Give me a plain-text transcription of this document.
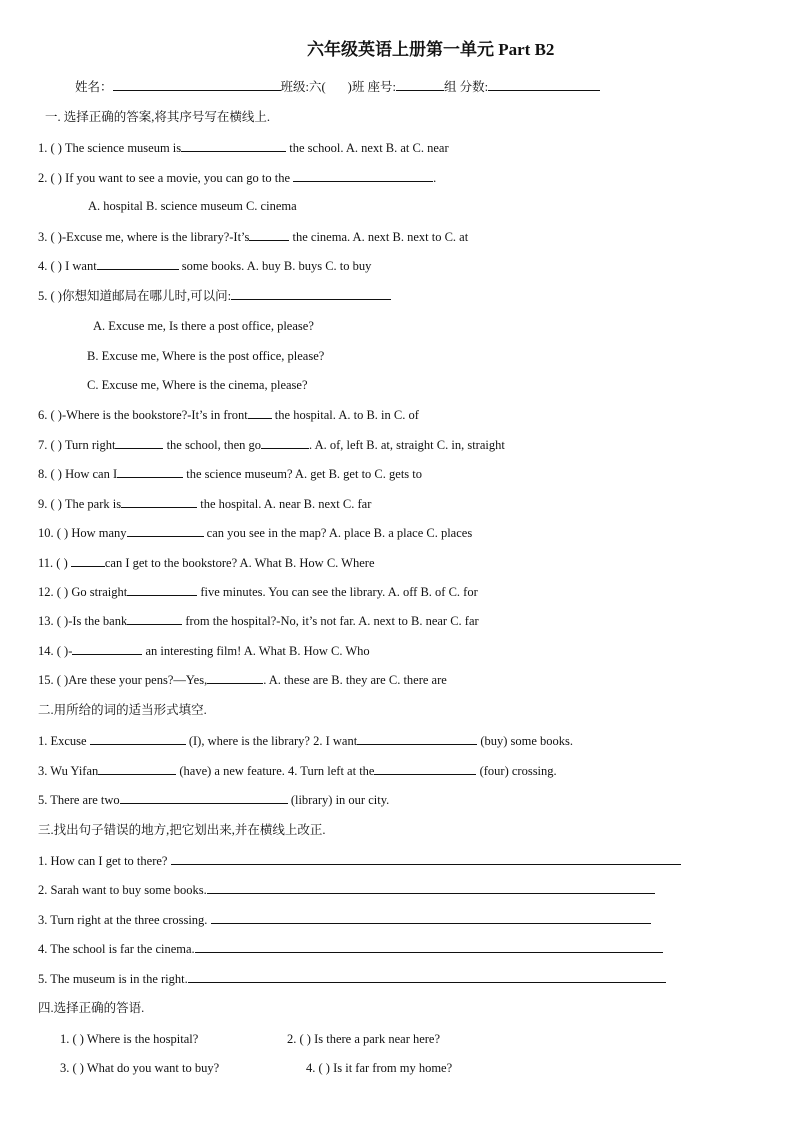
六年级英语上册第一单元 Part B2
姓名：	班级:六( )班 座号:	组 分数:
一. 选择正确的答案,将其序号写在横线上.
1. ( ) The science museum is	the school. A. next B. at C. near
2. ( ) If you want to see a movie, you can go to the	.
A. hospital B. science museum C. cinema
3. ( )-Excuse me, where is the library?-It’s	the cinema. A. next B. next to C. at
4. ( ) I want	some books. A. buy B. buys C. to buy
5. ( )你想知道邮局在哪儿时,可以问:
A. Excuse me, Is there a post office, please?
B. Excuse me, Where is the post office, please?
C. Excuse me, Where is the cinema, please?
6. ( )-Where is the bookstore?-It’s in front the hospital. A. to B. in C. of
7. ( ) Turn right	the school, then go	. A. of, left B. at, straight C. in, straight
8. ( ) How can I	the science museum? A. get B. get to C. gets to
9. ( ) The park is	the hospital. A. near B. next C. far
10. ( ) How many	can you see in the map? A. place B. a place C. places
11. ( )	can I get to the bookstore? A. What B. How C. Where
12. ( ) Go straight	five minutes. You can see the library. A. off B. of C. for
13. ( )-Is the bank	from the hospital?-No, it’s not far. A. next to B. near C. far
14. ( )-	an interesting film! A. What B. How C. Who
15. ( )Are these your pens?—Yes,	. A. these are B. they are C. there are
二.用所给的词的适当形式填空.
1. Excuse	(I), where is the library? 2. I want	(buy) some books.
3. Wu Yifan	(have) a new feature. 4. Turn left at the	(four) crossing.
5. There are two	(library) in our city.
三.找出句子错误的地方,把它划出来,并在横线上改正.
1. How can I get to there?
2. Sarah want to buy some books.
3. Turn right at the three crossing.
4. The school is far the cinema.
5. The museum is in the right.
四.选择正确的答语.
1. ( ) Where is the hospital?	2. ( ) Is there a park near here?
3. ( ) What do you want to buy?	4. ( ) Is it far from my home?
